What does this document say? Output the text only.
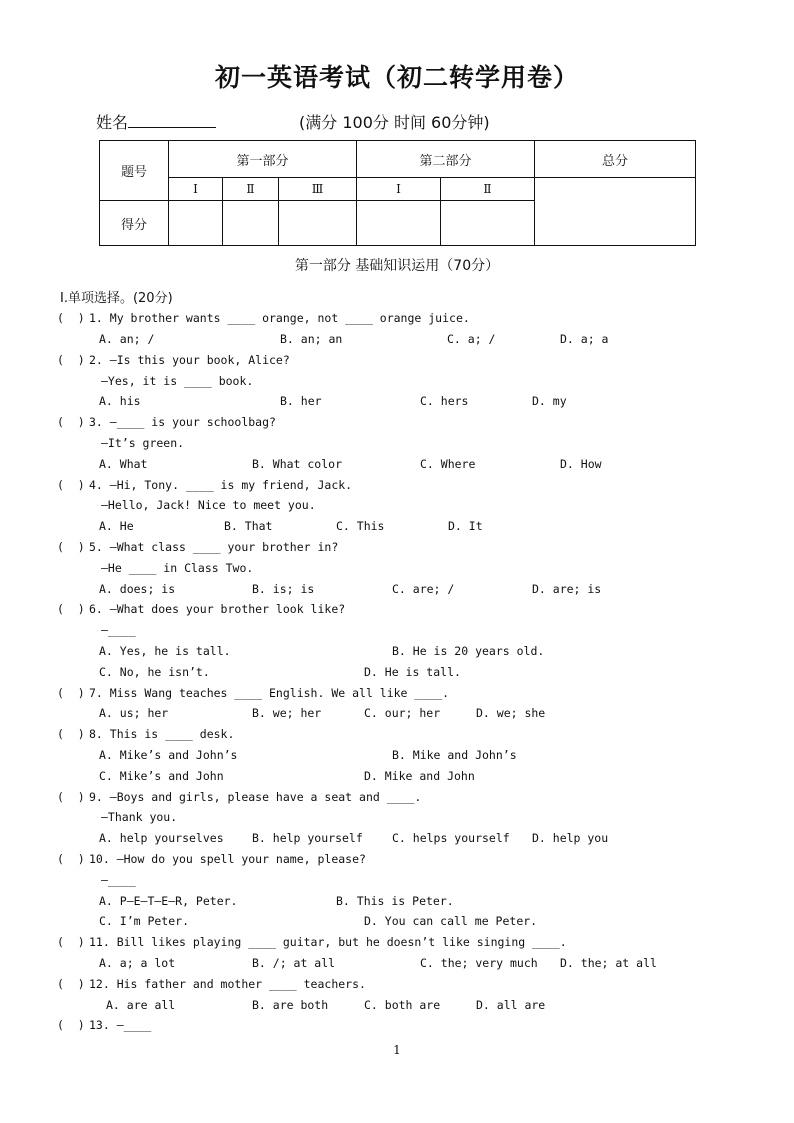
初一英语考试（初二转学用卷）
姓名	(满分 100分 时间 60分钟)
题号	第一部分			第二部分		总分
	Ⅰ	Ⅱ	Ⅲ	Ⅰ	Ⅱ	
得分						
第一部分 基础知识运用（70分）
Ⅰ.单项选择。(20分)

(  )

1. My brother wants ____ orange, not ____ orange juice.

A. an; /

	B. an; an

	C. a; /

	D. a; a

(  )

2. —Is this your book, Alice?

—Yes, it is ____ book.

A. his

	B. her

	C. hers

	D. my

(  )

3. —____ is your schoolbag?

—It’s green.

A. What

	B. What color

	C. Where

	D. How

(  )

4. —Hi, Tony. ____ is my friend, Jack.

—Hello, Jack! Nice to meet you.

A. He

	B. That

	C. This

	D. It

(  )

5. —What class ____ your brother in?

—He ____ in Class Two.

A. does; is

	B. is; is

	C. are; /

	D. are; is

(  )

6. —What does your brother look like?

—____

A. Yes, he is tall.

	B. He is 20 years old.

C. No, he isn’t.

	D. He is tall.

(  )

7. Miss Wang teaches ____ English. We all like ____.

A. us; her

	B. we; her

	C. our; her

	D. we; she

(  )

8. This is ____ desk.

A. Mike’s and John’s

	B. Mike and John’s

C. Mike’s and John

	D. Mike and John

(  )

9. —Boys and girls, please have a seat and ____.

—Thank you.

A. help yourselves

B. help yourself

	C. helps yourself

D. help you

(  )

10. —How do you spell your name, please?

—____

A. P—E—T—E—R, Peter.

	B. This is Peter.

C. I’m Peter.

	D. You can call me Peter.

(  )

11. Bill likes playing ____ guitar, but he doesn’t like singing ____.

A. a; a lot

	B. /; at all

	C. the; very much

D. the; at all

(  )

12. His father and mother ____ teachers.

A. are all

	B. are both

	C. both are

	D. all are

(  )

13. —____

1
